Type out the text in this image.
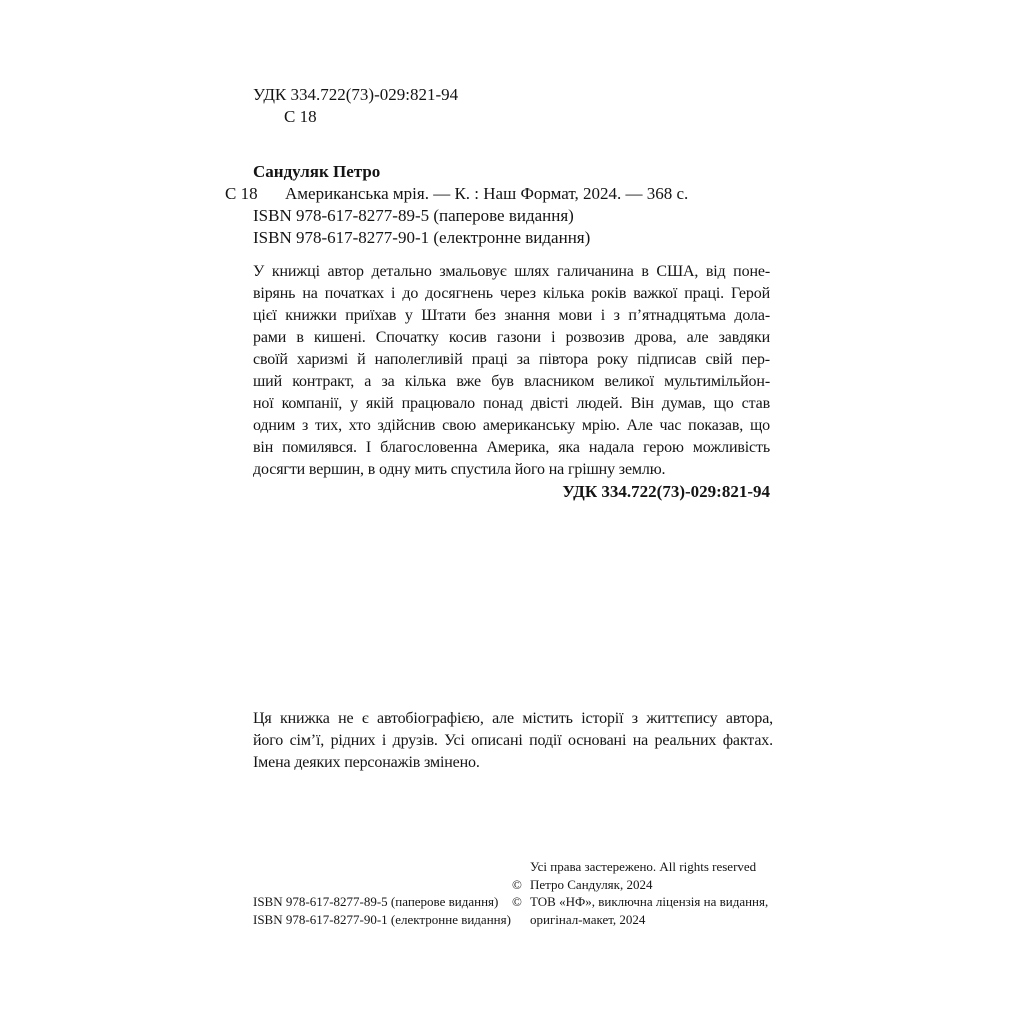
УДК 334.722(73)-029:821-94
С 18
Сандуляк Петро
С 18 Американська мрія. — К. : Наш Формат, 2024. — 368 с.
ISBN 978-617-8277-89-5 (паперове видання)
ISBN 978-617-8277-90-1 (електронне видання)
У книжці автор детально змальовує шлях галичанина в США, від поне-
вірянь на початках і до досягнень через кілька років важкої праці. Герой
цієї книжки приїхав у Штати без знання мови і з п’ятнадцятьма дола-
рами в кишені. Спочатку косив газони і розвозив дрова, але завдяки
своїй харизмі й наполегливій праці за півтора року підписав свій пер-
ший контракт, а за кілька вже був власником великої мультимільйон-
ної компанії, у якій працювало понад двісті людей. Він думав, що став
одним з тих, хто здійснив свою американську мрію. Але час показав, що
він помилявся. І благословенна Америка, яка надала герою можливість
досягти вершин, в одну мить спустила його на грішну землю.
УДК 334.722(73)-029:821-94
Ця книжка не є автобіографією, але містить історії з життєпису автора,
його сім’ї, рідних і друзів. Усі описані події основані на реальних фактах.
Імена деяких персонажів змінено.
ISBN 978-617-8277-89-5 (паперове видання)
ISBN 978-617-8277-90-1 (електронне видання)
Усі права застережено. All rights reserved
© Петро Сандуляк, 2024
© ТОВ «НФ», виключна ліцензія на видання,
оригінал-макет, 2024
